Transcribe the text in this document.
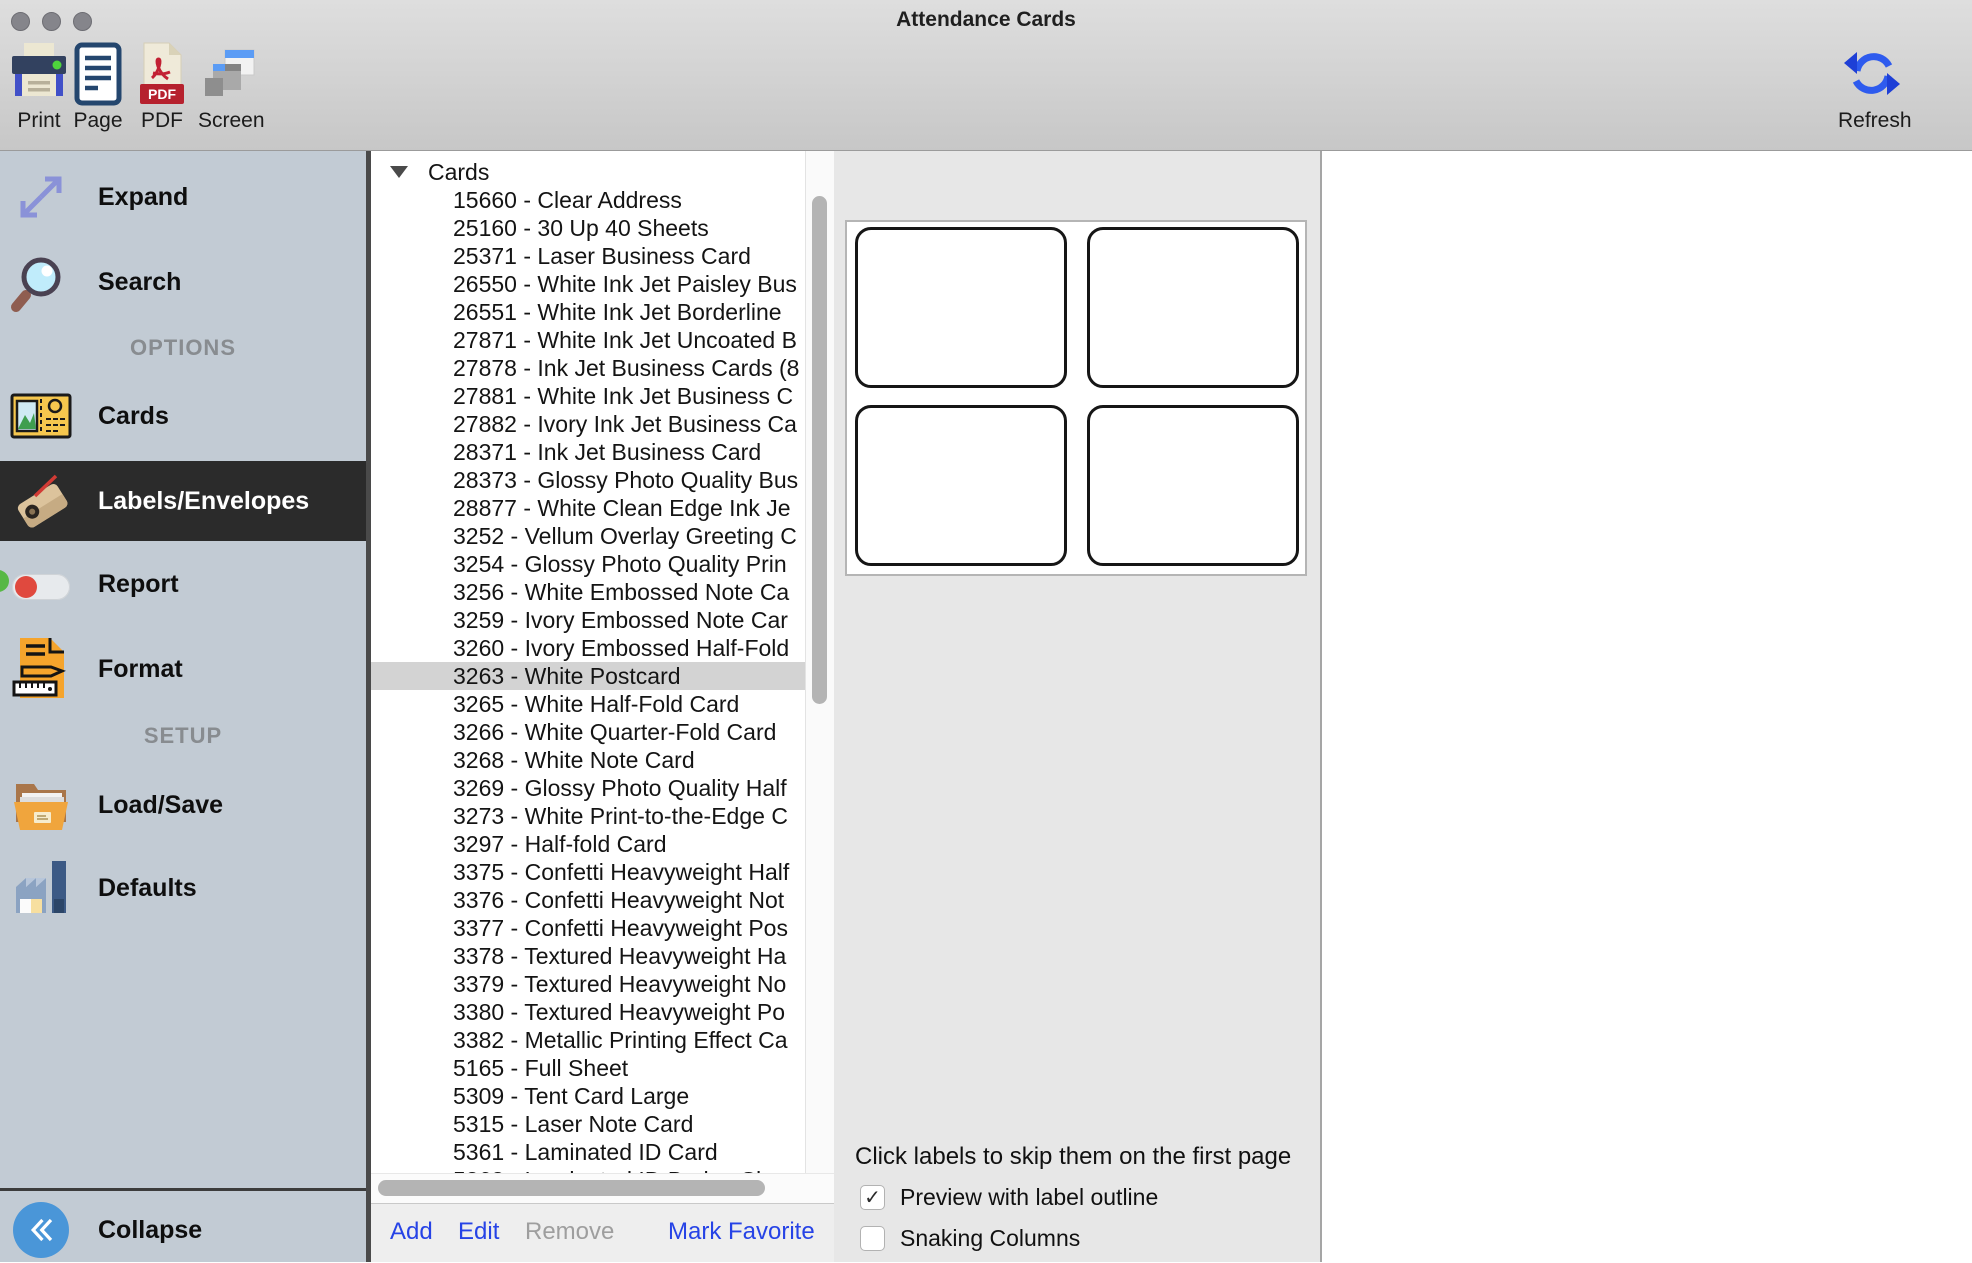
Attendance Cards
Print Page
PDF
PDF Screen	Refresh
Expand
Search
OPTIONS
Cards
Labels/Envelopes
Report
Format
SETUP
Load/Save
Defaults
Collapse
Cards
15660 - Clear Address
25160 - 30 Up 40 Sheets
25371 - Laser Business Card
26550 - White Ink Jet Paisley Bus
26551 - White Ink Jet Borderline
27871 - White Ink Jet Uncoated B
27878 - Ink Jet Business Cards (8
27881 - White Ink Jet Business C
27882 - Ivory Ink Jet Business Ca
28371 - Ink Jet Business Card
28373 - Glossy Photo Quality Bus
28877 - White Clean Edge Ink Je
3252 - Vellum Overlay Greeting C
3254 - Glossy Photo Quality Prin
3256 - White Embossed Note Ca
3259 - Ivory Embossed Note Car
3260 - Ivory Embossed Half-Fold
3263 - White Postcard
3265 - White Half-Fold Card
3266 - White Quarter-Fold Card
3268 - White Note Card
3269 - Glossy Photo Quality Half
3273 - White Print-to-the-Edge C
3297 - Half-fold Card
3375 - Confetti Heavyweight Half
3376 - Confetti Heavyweight Not
3377 - Confetti Heavyweight Pos
3378 - Textured Heavyweight Ha
3379 - Textured Heavyweight No
3380 - Textured Heavyweight Po
3382 - Metallic Printing Effect Ca
5165 - Full Sheet
5309 - Tent Card Large
5315 - Laser Note Card
5361 - Laminated ID Card
Add Edit Remove Mark Favorite
Click labels to skip them on the first page
✓ Preview with label outline
Snaking Columns
